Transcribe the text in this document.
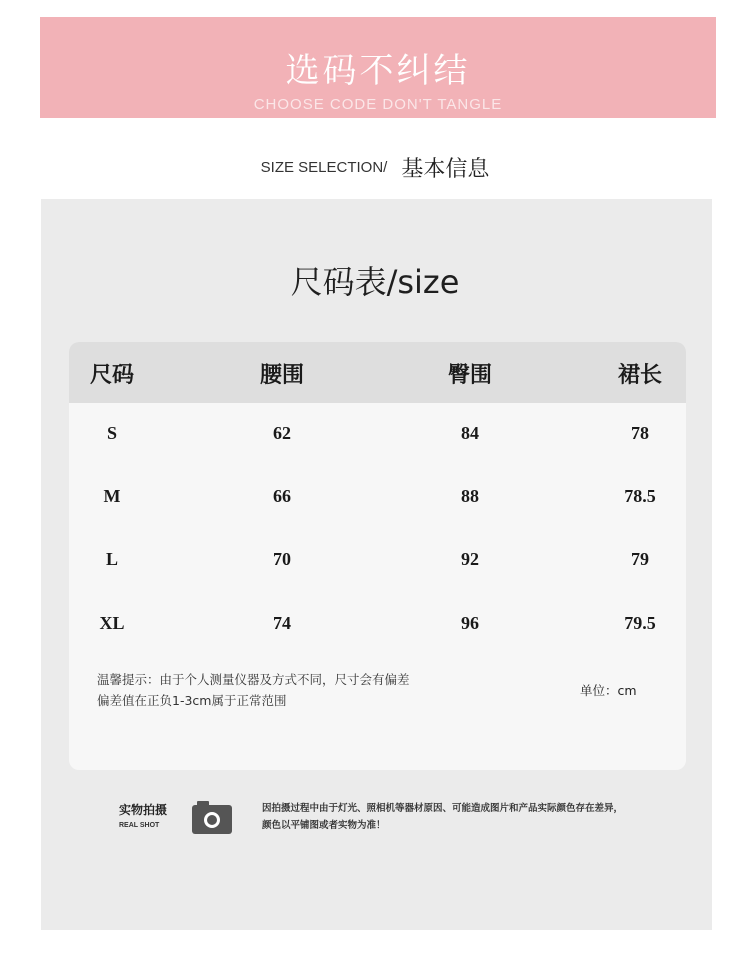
选码不纠结
CHOOSE CODE DON'T TANGLE
SIZE SELECTION/ 基本信息
尺码表/size
尺码	腰围	臀围	裙长
S	62	84	78
M	66	88	78.5
L	70	92	79
XL	74	96	79.5
温馨提示：由于个人测量仪器及方式不同，尺寸会有偏差
偏差值在正负1-3cm属于正常范围
单位：cm
实物拍摄
REAL SHOT
因拍摄过程中由于灯光、照相机等器材原因、可能造成图片和产品实际颜色存在差异，
颜色以平铺图或者实物为准！
